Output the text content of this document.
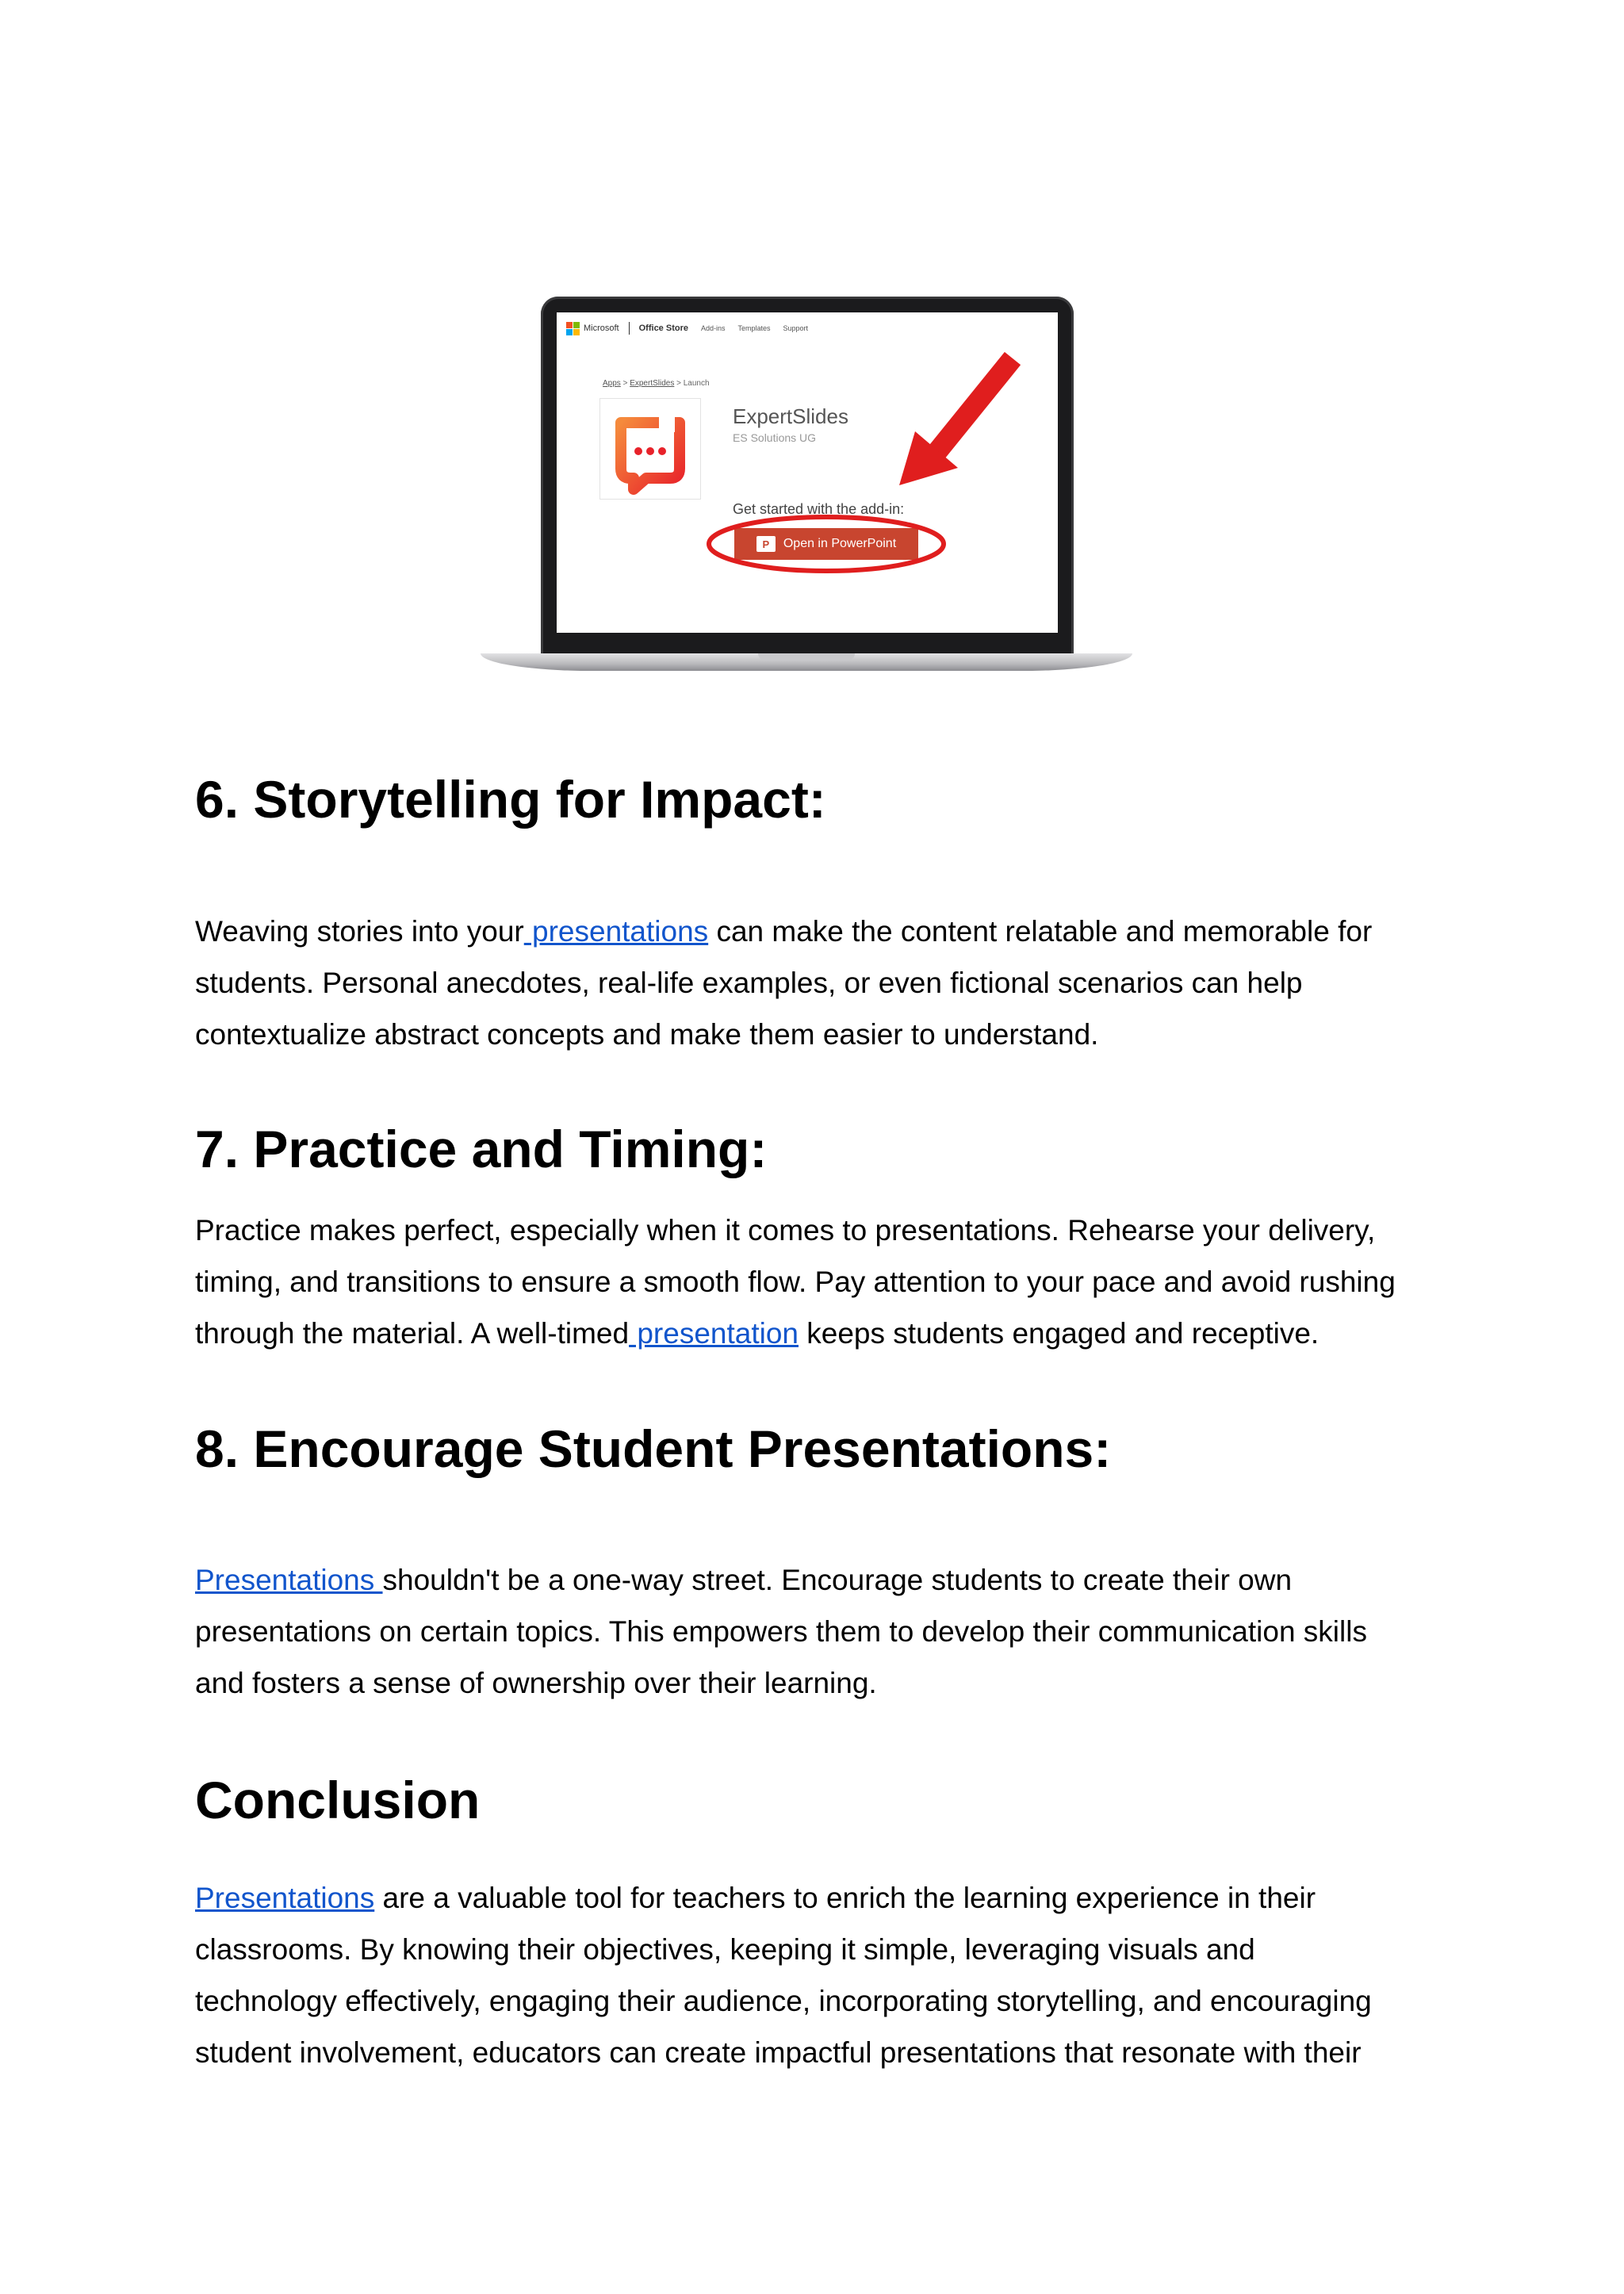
Microsoft Office Store Add-ins Templates Support
Apps > ExpertSlides > Launch
ExpertSlides
ES Solutions UG
Get started with the add-in:
P	Open in PowerPoint
6. Storytelling for Impact:

Weaving stories into your presentations can make the content relatable and memorable for
students. Personal anecdotes, real-life examples, or even fictional scenarios can help
contextualize abstract concepts and make them easier to understand.

7. Practice and Timing:

Practice makes perfect, especially when it comes to presentations. Rehearse your delivery,
timing, and transitions to ensure a smooth flow. Pay attention to your pace and avoid rushing
through the material. A well-timed presentation keeps students engaged and receptive.

8. Encourage Student Presentations:

Presentations shouldn't be a one-way street. Encourage students to create their own
presentations on certain topics. This empowers them to develop their communication skills
and fosters a sense of ownership over their learning.

Conclusion

Presentations are a valuable tool for teachers to enrich the learning experience in their
classrooms. By knowing their objectives, keeping it simple, leveraging visuals and
technology effectively, engaging their audience, incorporating storytelling, and encouraging
student involvement, educators can create impactful presentations that resonate with their
